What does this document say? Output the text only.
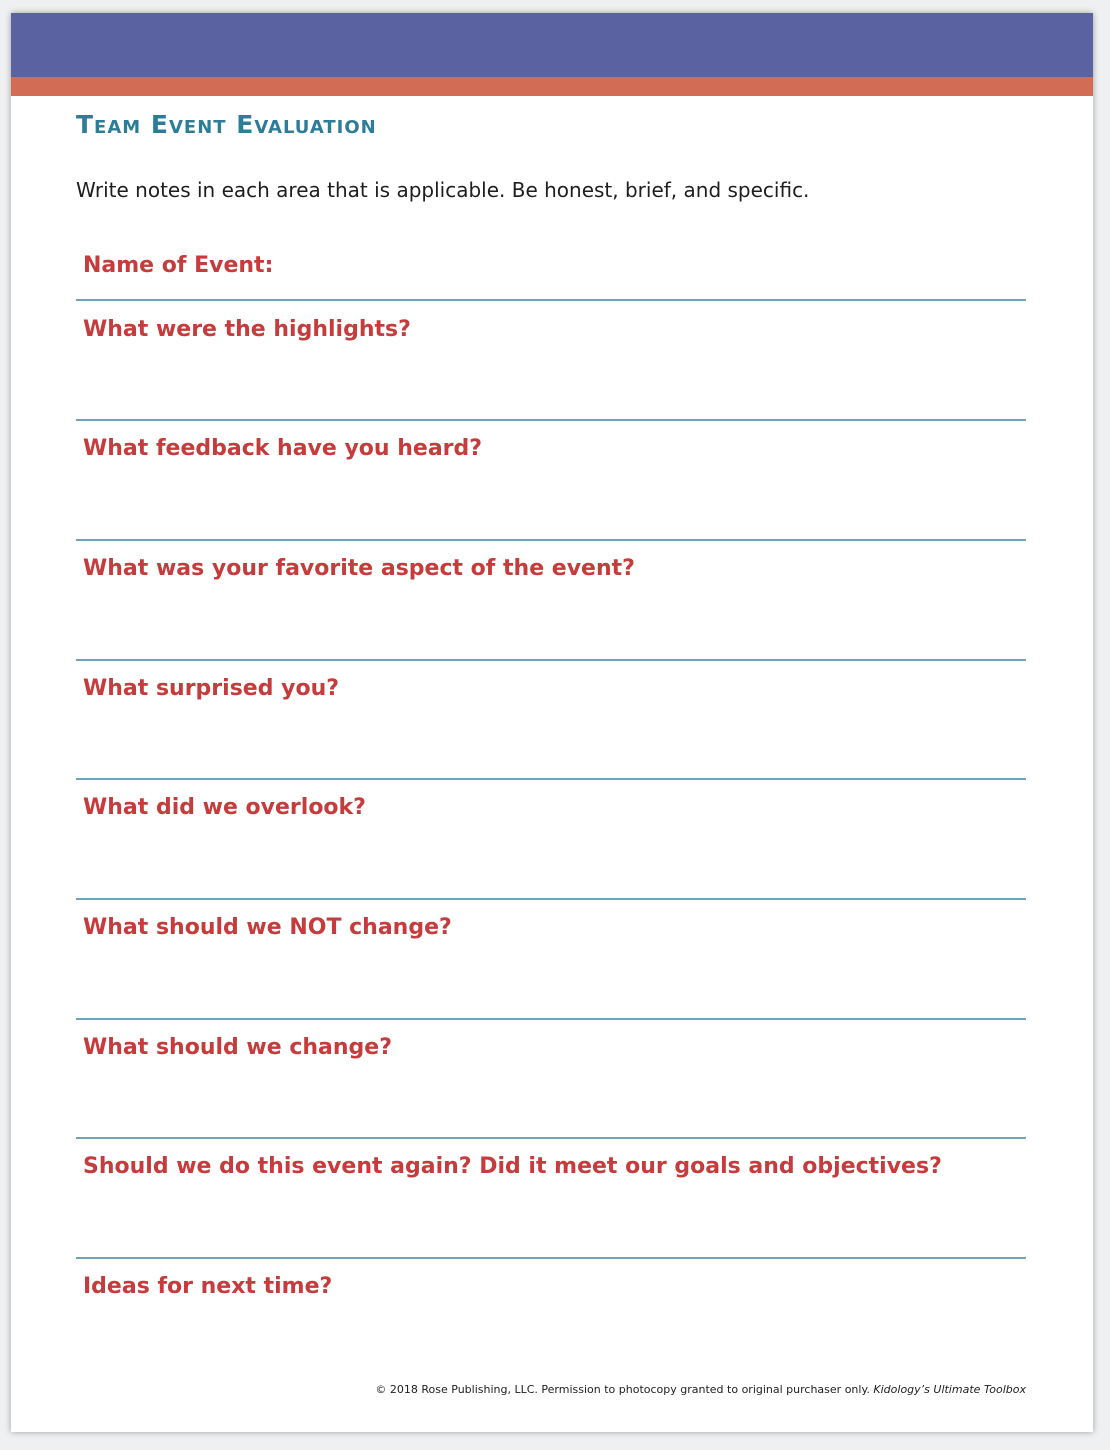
Team Event Evaluation

Write notes in each area that is applicable. Be honest, brief, and specific.

Name of Event:
What were the highlights?
What feedback have you heard?
What was your favorite aspect of the event?
What surprised you?
What did we overlook?
What should we NOT change?
What should we change?
Should we do this event again? Did it meet our goals and objectives?
Ideas for next time?

© 2018 Rose Publishing, LLC. Permission to photocopy granted to original purchaser only. Kidology’s Ultimate Toolbox
